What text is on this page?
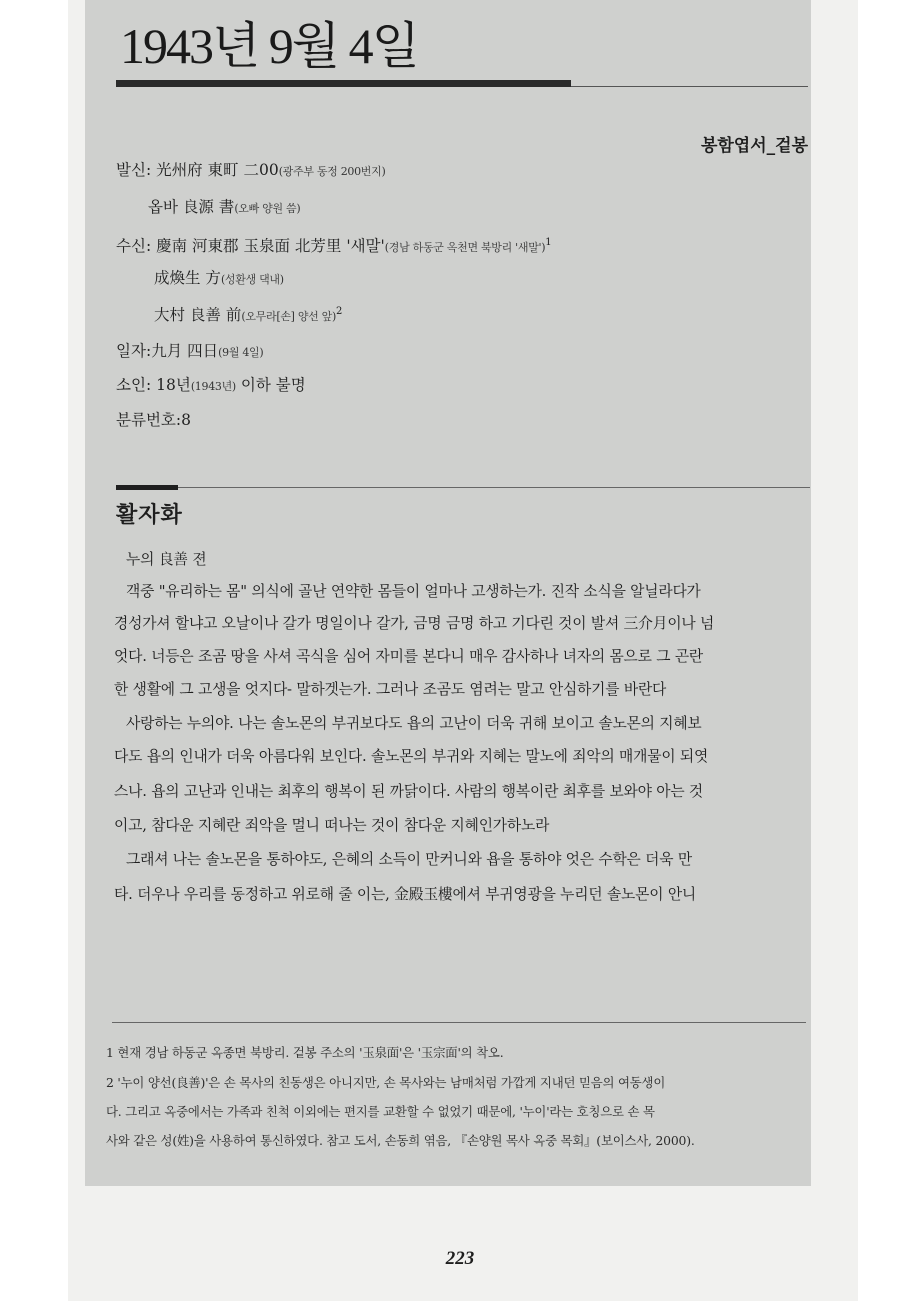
1943년 9월 4일
봉함엽서_겉봉
발신: 光州府 東町 二00(광주부 동정 200번지)
옵바 良源 書(오빠 양원 씀)
수신: 慶南 河東郡 玉泉面 北芳里 '새말'(경남 하동군 옥천면 북방리 '새말')$^1$
成煥生 方(성환생 댁내)
大村 良善 前(오무라[손] 양선 앞)$^2$
일자:九月 四日(9월 4일)
소인: 18년(1943년) 이하 불명
분류번호:8
활자화
누의 良善 젼
객중 "유리하는 몸" 의식에 골난 연약한 몸들이 얼마나 고생하는가. 진작 소식을 알닐라다가
경성가셔 할냐고 오날이나 갈가 명일이나 갈가, 금명 금명 하고 기다린 것이 발셔 三介月이나 넘
엇다. 너등은 조곰 땅을 사셔 곡식을 심어 자미를 본다니 매우 감사하나 녀자의 몸으로 그 곤란
한 생활에 그 고생을 엇지다- 말하겟는가. 그러나 조곰도 염려는 말고 안심하기를 바란다
사랑하는 누의야. 나는 솔노몬의 부귀보다도 욥의 고난이 더욱 귀해 보이고 솔노몬의 지혜보
다도 욥의 인내가 더욱 아름다워 보인다. 솔노몬의 부귀와 지혜는 말노에 죄악의 매개물이 되엿
스나. 욥의 고난과 인내는 최후의 행복이 된 까닭이다. 사람의 행복이란 최후를 보와야 아는 것
이고, 참다운 지혜란 죄악을 멀니 떠나는 것이 참다운 지혜인가하노라
그래셔 나는 솔노몬을 통하야도, 은혜의 소득이 만커니와 욥을 통하야 엇은 수학은 더욱 만
타. 더우나 우리를 동정하고 위로해 줄 이는, 金殿玉樓에셔 부귀영광을 누리던 솔노몬이 안니
1 현재 경남 하동군 옥종면 북방리. 겉봉 주소의 '玉泉面'은 '玉宗面'의 착오.
2 '누이 양선(良善)'은 손 목사의 친동생은 아니지만, 손 목사와는 남매처럼 가깝게 지내던 믿음의 여동생이
다. 그리고 옥중에서는 가족과 친척 이외에는 편지를 교환할 수 없었기 때문에, '누이'라는 호칭으로 손 목
사와 같은 성(姓)을 사용하여 통신하였다. 참고 도서, 손동희 엮음, 『손양원 목사 옥중 목회』(보이스사, 2000).
223
